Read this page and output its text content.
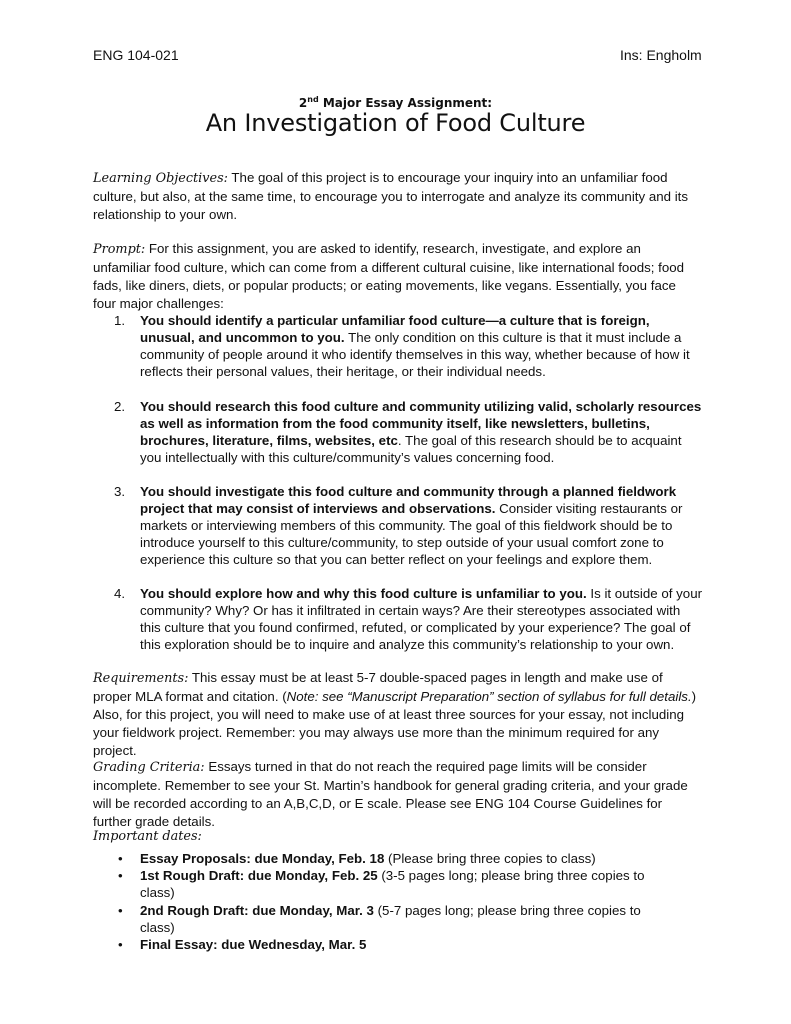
ENG 104-021	Ins: Engholm
2nd Major Essay Assignment:
An Investigation of Food Culture
Learning Objectives: The goal of this project is to encourage your inquiry into an unfamiliar food culture, but also, at the same time, to encourage you to interrogate and analyze its community and its relationship to your own.
Prompt: For this assignment, you are asked to identify, research, investigate, and explore an unfamiliar food culture, which can come from a different cultural cuisine, like international foods; food fads, like diners, diets, or popular products; or eating movements, like vegans. Essentially, you face four major challenges:
1.	You should identify a particular unfamiliar food culture—a culture that is foreign, unusual, and uncommon to you. The only condition on this culture is that it must include a community of people around it who identify themselves in this way, whether because of how it reflects their personal values, their heritage, or their individual needs.
2.	You should research this food culture and community utilizing valid, scholarly resources as well as information from the food community itself, like newsletters, bulletins, brochures, literature, films, websites, etc. The goal of this research should be to acquaint you intellectually with this culture/community’s values concerning food.
3.	You should investigate this food culture and community through a planned fieldwork project that may consist of interviews and observations. Consider visiting restaurants or markets or interviewing members of this community. The goal of this fieldwork should be to introduce yourself to this culture/community, to step outside of your usual comfort zone to experience this culture so that you can better reflect on your feelings and explore them.
4.	You should explore how and why this food culture is unfamiliar to you. Is it outside of your community? Why? Or has it infiltrated in certain ways? Are their stereotypes associated with this culture that you found confirmed, refuted, or complicated by your experience? The goal of this exploration should be to inquire and analyze this community’s relationship to your own.
Requirements: This essay must be at least 5-7 double-spaced pages in length and make use of proper MLA format and citation. (Note: see “Manuscript Preparation” section of syllabus for full details.) Also, for this project, you will need to make use of at least three sources for your essay, not including your fieldwork project. Remember: you may always use more than the minimum required for any project.
Grading Criteria: Essays turned in that do not reach the required page limits will be consider incomplete. Remember to see your St. Martin’s handbook for general grading criteria, and your grade will be recorded according to an A,B,C,D, or E scale. Please see ENG 104 Course Guidelines for further grade details.
Important dates:
•	Essay Proposals: due Monday, Feb. 18 (Please bring three copies to class)
•	1st Rough Draft: due Monday, Feb. 25 (3-5 pages long; please bring three copies to class)
•	2nd Rough Draft: due Monday, Mar. 3 (5-7 pages long; please bring three copies to class)
•	Final Essay: due Wednesday, Mar. 5
